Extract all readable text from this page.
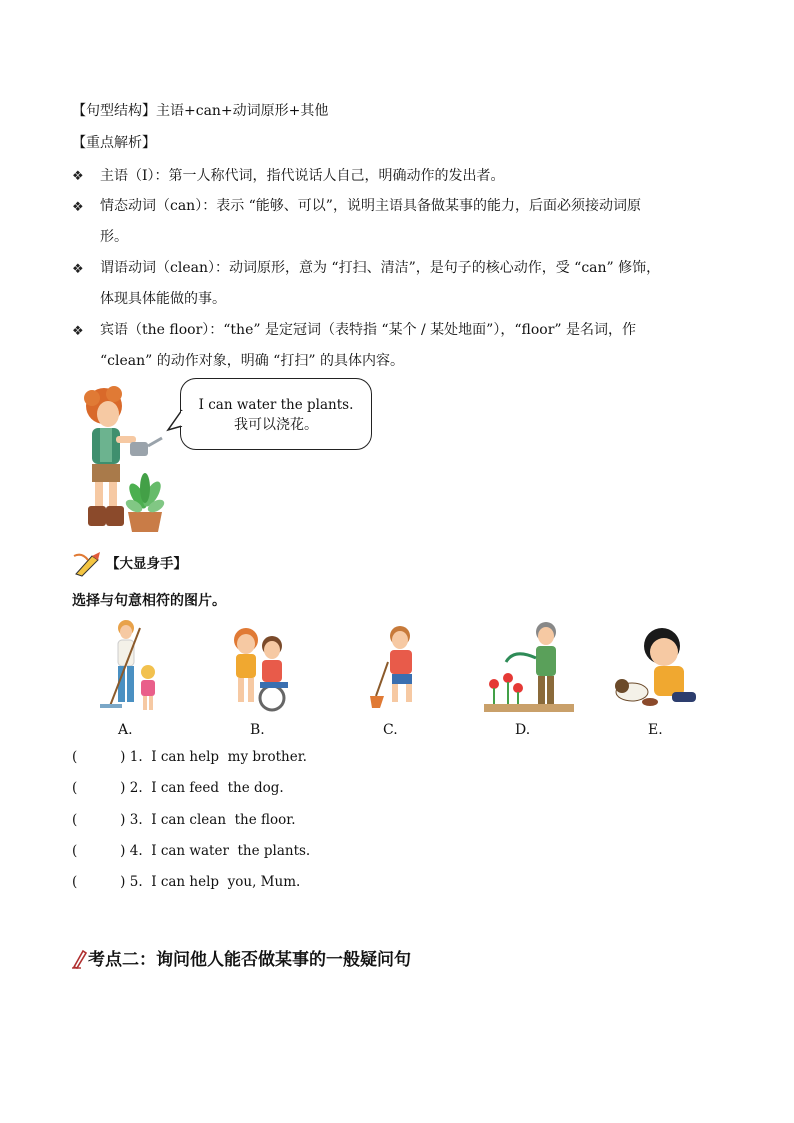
【句型结构】主语+can+动词原形+其他
【重点解析】
❖ 主语（I）：第一人称代词，指代说话人自己，明确动作的发出者。
❖ 情态动词（can）：表示 “能够、可以”，说明主语具备做某事的能力，后面必须接动词原
形。
❖ 谓语动词（clean）：动词原形，意为 “打扫、清洁”，是句子的核心动作，受 “can” 修饰，
体现具体能做的事。
❖ 宾语（the floor）：“the” 是定冠词（表特指 “某个 / 某处地面”），“floor” 是名词，作
“clean” 的动作对象，明确 “打扫” 的具体内容。
I can water the plants.
我可以浇花。
【大显身手】
选择与句意相符的图片。
A.	B.	C.	D.	E.
(          ) 1.  I can help  my brother.
(          ) 2.  I can feed  the dog.
(          ) 3.  I can clean  the floor.
(          ) 4.  I can water  the plants.
(          ) 5.  I can help  you, Mum.
考点二：询问他人能否做某事的一般疑问句
